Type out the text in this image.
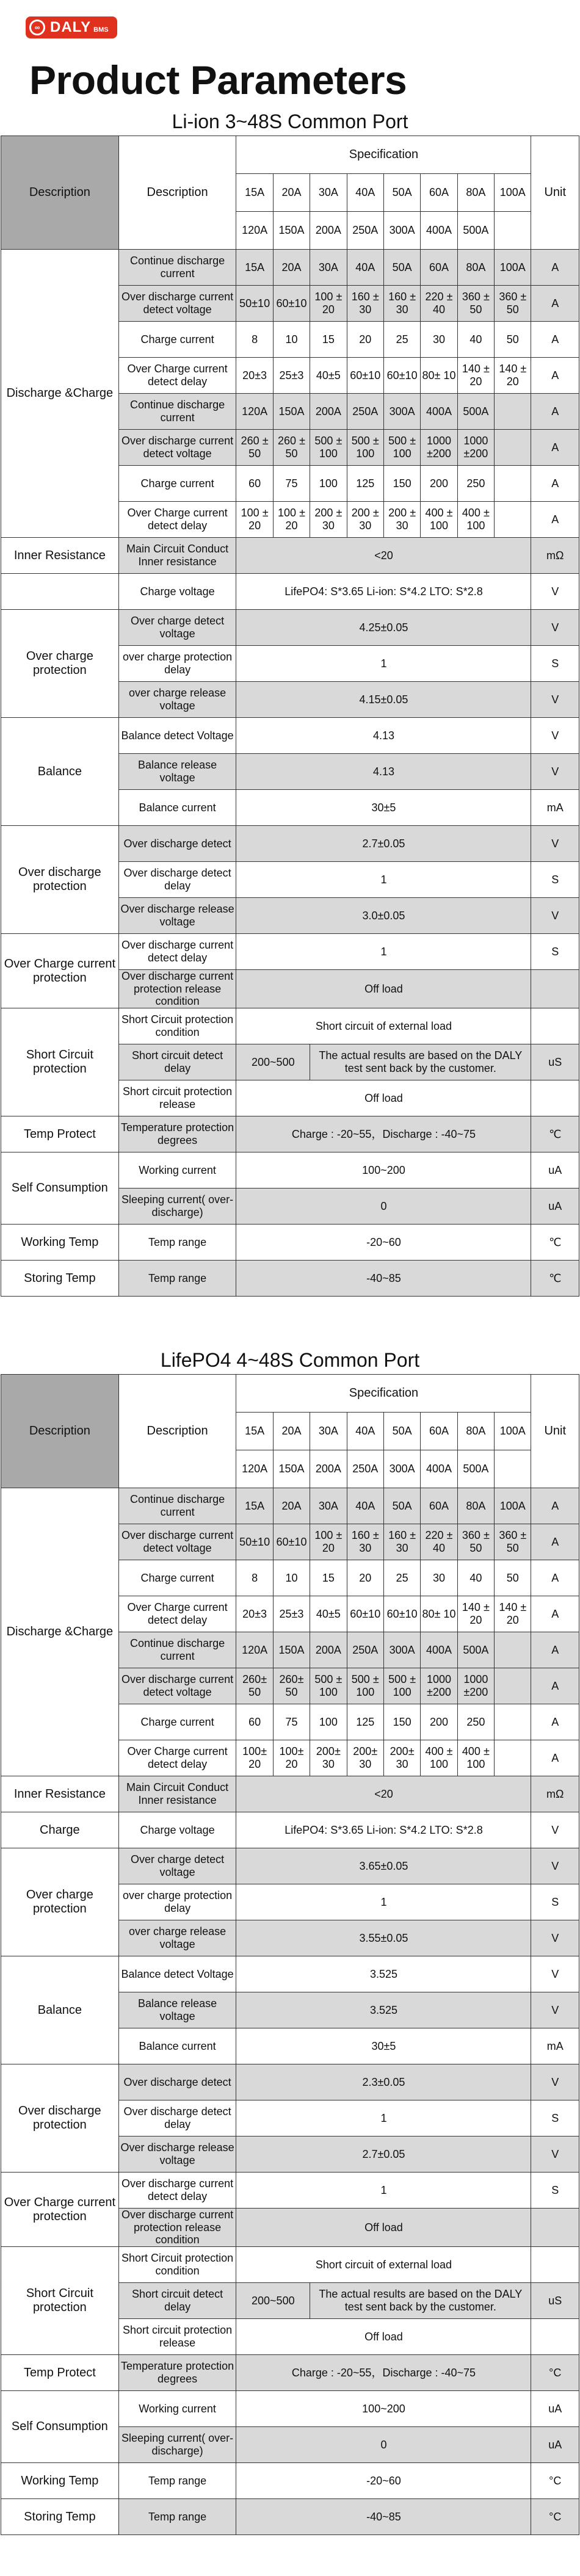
∞ DALY BMS
Product Parameters
Li-ion 3~48S Common Port
Description	Description	Specification								Unit
		15A	20A	30A	40A	50A	60A	80A	100A	
		120A	150A	200A	250A	300A	400A	500A		
Discharge &Charge	Continue discharge current	15A	20A	30A	40A	50A	60A	80A	100A	A
	Over discharge current detect voltage	50±10	60±10	100 ± 20	160 ± 30	160 ± 30	220 ± 40	360 ± 50	360 ± 50	A
	Charge current	8	10	15	20	25	30	40	50	A
	Over Charge current detect delay	20±3	25±3	40±5	60±10	60±10	80± 10	140 ± 20	140 ± 20	A
	Continue discharge current	120A	150A	200A	250A	300A	400A	500A		A
	Over discharge current detect voltage	260 ± 50	260 ± 50	500 ± 100	500 ± 100	500 ± 100	1000 ±200	1000 ±200		A
	Charge current	60	75	100	125	150	200	250		A
	Over Charge current detect delay	100 ± 20	100 ± 20	200 ± 30	200 ± 30	200 ± 30	400 ± 100	400 ± 100		A
Inner Resistance	Main Circuit Conduct Inner resistance	<20								mΩ
	Charge voltage	LifePO4: S*3.65 Li-ion: S*4.2 LTO: S*2.8								V
Over charge protection	Over charge detect voltage	4.25±0.05								V
	over charge protection delay	1								S
	over charge release voltage	4.15±0.05								V
Balance	Balance detect Voltage	4.13								V
	Balance release voltage	4.13								V
	Balance current	30±5								mA
Over discharge protection	Over discharge detect	2.7±0.05								V
	Over discharge detect delay	1								S
	Over discharge release voltage	3.0±0.05								V
Over Charge current protection	Over discharge current detect delay	1								S
	Over discharge current protection release condition	Off load								
Short Circuit protection	Short Circuit protection condition	Short circuit of external load								
	Short circuit detect delay	200~500		The actual results are based on the DALY test sent back by the customer.						uS
	Short circuit protection release	Off load								
Temp Protect	Temperature protection degrees	Charge : -20~55，Discharge : -40~75								℃
Self Consumption	Working current	100~200								uA
	Sleeping current( over-discharge)	0								uA
Working Temp	Temp range	-20~60								℃
Storing Temp	Temp range	-40~85								℃
LifePO4 4~48S Common Port
Description	Description	Specification								Unit
		15A	20A	30A	40A	50A	60A	80A	100A	
		120A	150A	200A	250A	300A	400A	500A		
Discharge &Charge	Continue discharge current	15A	20A	30A	40A	50A	60A	80A	100A	A
	Over discharge current detect voltage	50±10	60±10	100 ± 20	160 ± 30	160 ± 30	220 ± 40	360 ± 50	360 ± 50	A
	Charge current	8	10	15	20	25	30	40	50	A
	Over Charge current detect delay	20±3	25±3	40±5	60±10	60±10	80± 10	140 ± 20	140 ± 20	A
	Continue discharge current	120A	150A	200A	250A	300A	400A	500A		A
	Over discharge current detect voltage	260± 50	260± 50	500 ± 100	500 ± 100	500 ± 100	1000 ±200	1000 ±200		A
	Charge current	60	75	100	125	150	200	250		A
	Over Charge current detect delay	100± 20	100± 20	200± 30	200± 30	200± 30	400 ± 100	400 ± 100		A
Inner Resistance	Main Circuit Conduct Inner resistance	<20								mΩ
Charge	Charge voltage	LifePO4: S*3.65 Li-ion: S*4.2 LTO: S*2.8								V
Over charge protection	Over charge detect voltage	3.65±0.05								V
	over charge protection delay	1								S
	over charge release voltage	3.55±0.05								V
Balance	Balance detect Voltage	3.525								V
	Balance release voltage	3.525								V
	Balance current	30±5								mA
Over discharge protection	Over discharge detect	2.3±0.05								V
	Over discharge detect delay	1								S
	Over discharge release voltage	2.7±0.05								V
Over Charge current protection	Over discharge current detect delay	1								S
	Over discharge current protection release condition	Off load								
Short Circuit protection	Short Circuit protection condition	Short circuit of external load								
	Short circuit detect delay	200~500		The actual results are based on the DALY test sent back by the customer.						uS
	Short circuit protection release	Off load								
Temp Protect	Temperature protection degrees	Charge : -20~55，Discharge : -40~75								°C
Self Consumption	Working current	100~200								uA
	Sleeping current( over-discharge)	0								uA
Working Temp	Temp range	-20~60								°C
Storing Temp	Temp range	-40~85								°C
